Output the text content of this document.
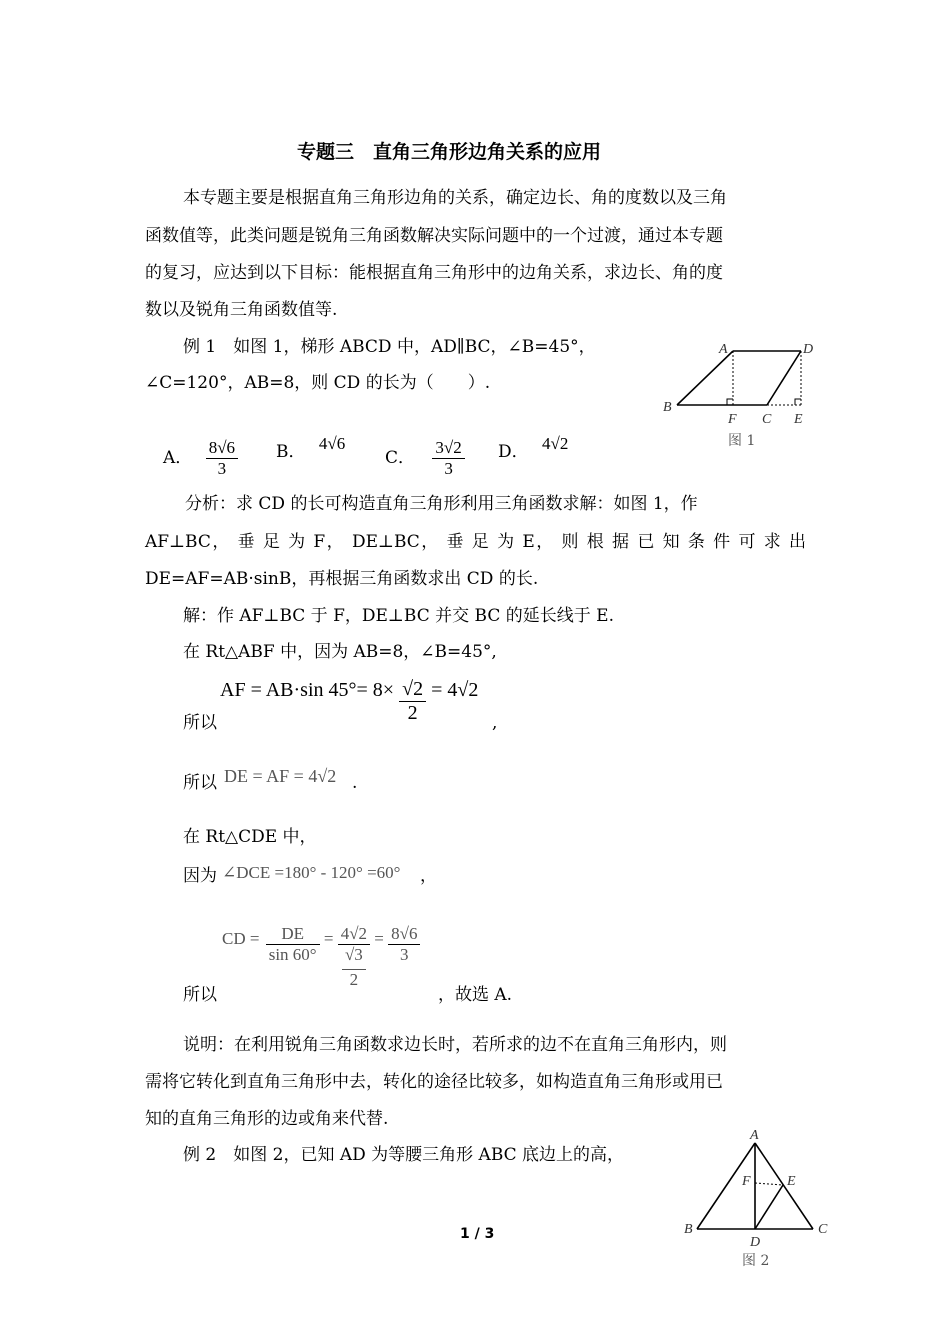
专题三　直角三角形边角关系的应用
本专题主要是根据直角三角形边角的关系，确定边长、角的度数以及三角
函数值等，此类问题是锐角三角函数解决实际问题中的一个过渡，通过本专题
的复习，应达到以下目标：能根据直角三角形中的边角关系，求边长、角的度
数以及锐角三角函数值等.
例 1　如图 1，梯形 ABCD 中，AD∥BC，∠B=45°，
∠C=120°，AB=8，则 CD 的长为（　　）.
A． $\frac{8√6}{3}$ B． 4√6
C． $\frac{3√2}{3}$ D． 4√2
A	D
B
F C E
图 1
分析：求 CD 的长可构造直角三角形利用三角函数求解：如图 1，作
AF⊥BC， 垂 足 为 F， DE⊥BC， 垂 足 为 E， 则 根 据 已 知 条 件 可 求 出
DE=AF=AB·sinB，再根据三角函数求出 CD 的长.
解：作 AF⊥BC 于 F，DE⊥BC 并交 BC 的延长线于 E.
在 Rt△ABF 中，因为 AB=8，∠B=45°,
所以
AF = AB·sin $45^\circ= 8\times \frac{√2}{2} = 4√2$
,
所以 DE = AF = 4√2 .
在 Rt△CDE 中，
因为 ∠DCE =180° - 120° =60° ，
CD = $\frac{DE}{\sin 60^\circ} = \frac{4√2}{\frac{√3}{2}} = \frac{8√6}{3}$
所以	，故选 A.
说明：在利用锐角三角函数求边长时，若所求的边不在直角三角形内，则
需将它转化到直角三角形中去，转化的途径比较多，如构造直角三角形或用已
知的直角三角形的边或角来代替.
例 2　如图 2，已知 AD 为等腰三角形 ABC 底边上的高，
A
F	E
B
D
C
图 2
1 / 3
